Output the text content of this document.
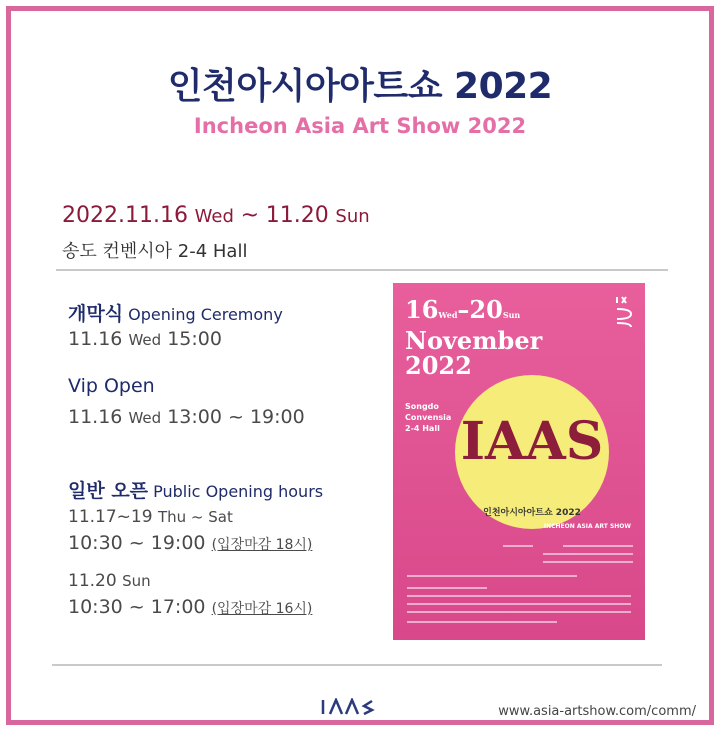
인천아시아아트쇼 2022
Incheon Asia Art Show 2022
2022.11.16 Wed ~ 11.20 Sun
송도 컨벤시아 2-4 Hall
개막식 Opening Ceremony
11.16 Wed 15:00
Vip Open
11.16 Wed 13:00 ~ 19:00
일반 오픈 Public Opening hours
11.17~19 Thu ~ Sat
10:30 ~ 19:00 (입장마감 18시)
11.20 Sun
10:30 ~ 17:00 (입장마감 16시)
16Wed–20Sun
November
2022
Songdo
Convensia
2-4 Hall IAAS
인천아시아아트쇼 2022
INCHEON ASIA ART SHOW
www.asia-artshow.com/comm/
